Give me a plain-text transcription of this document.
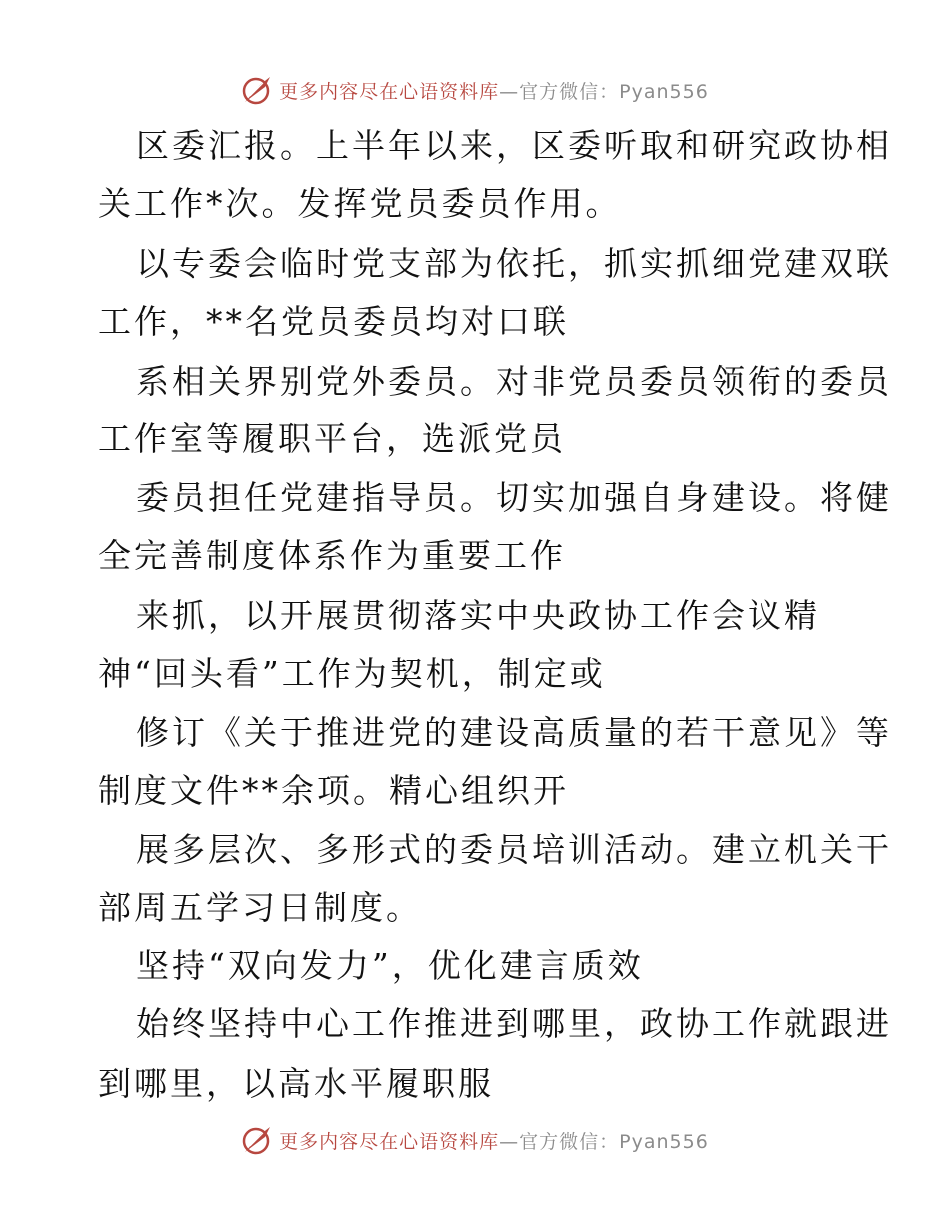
更多内容尽在心语资料库—官方微信：Pyan556
区委汇报。上半年以来，区委听取和研究政协相
关工作*次。发挥党员委员作用。
以专委会临时党支部为依托，抓实抓细党建双联
工作，**名党员委员均对口联
系相关界别党外委员。对非党员委员领衔的委员
工作室等履职平台，选派党员
委员担任党建指导员。切实加强自身建设。将健
全完善制度体系作为重要工作
来抓，以开展贯彻落实中央政协工作会议精
神“回头看”工作为契机，制定或
修订《关于推进党的建设高质量的若干意见》等
制度文件**余项。精心组织开
展多层次、多形式的委员培训活动。建立机关干
部周五学习日制度。
坚持“双向发力”，优化建言质效
始终坚持中心工作推进到哪里，政协工作就跟进
到哪里，以高水平履职服
更多内容尽在心语资料库—官方微信：Pyan556
